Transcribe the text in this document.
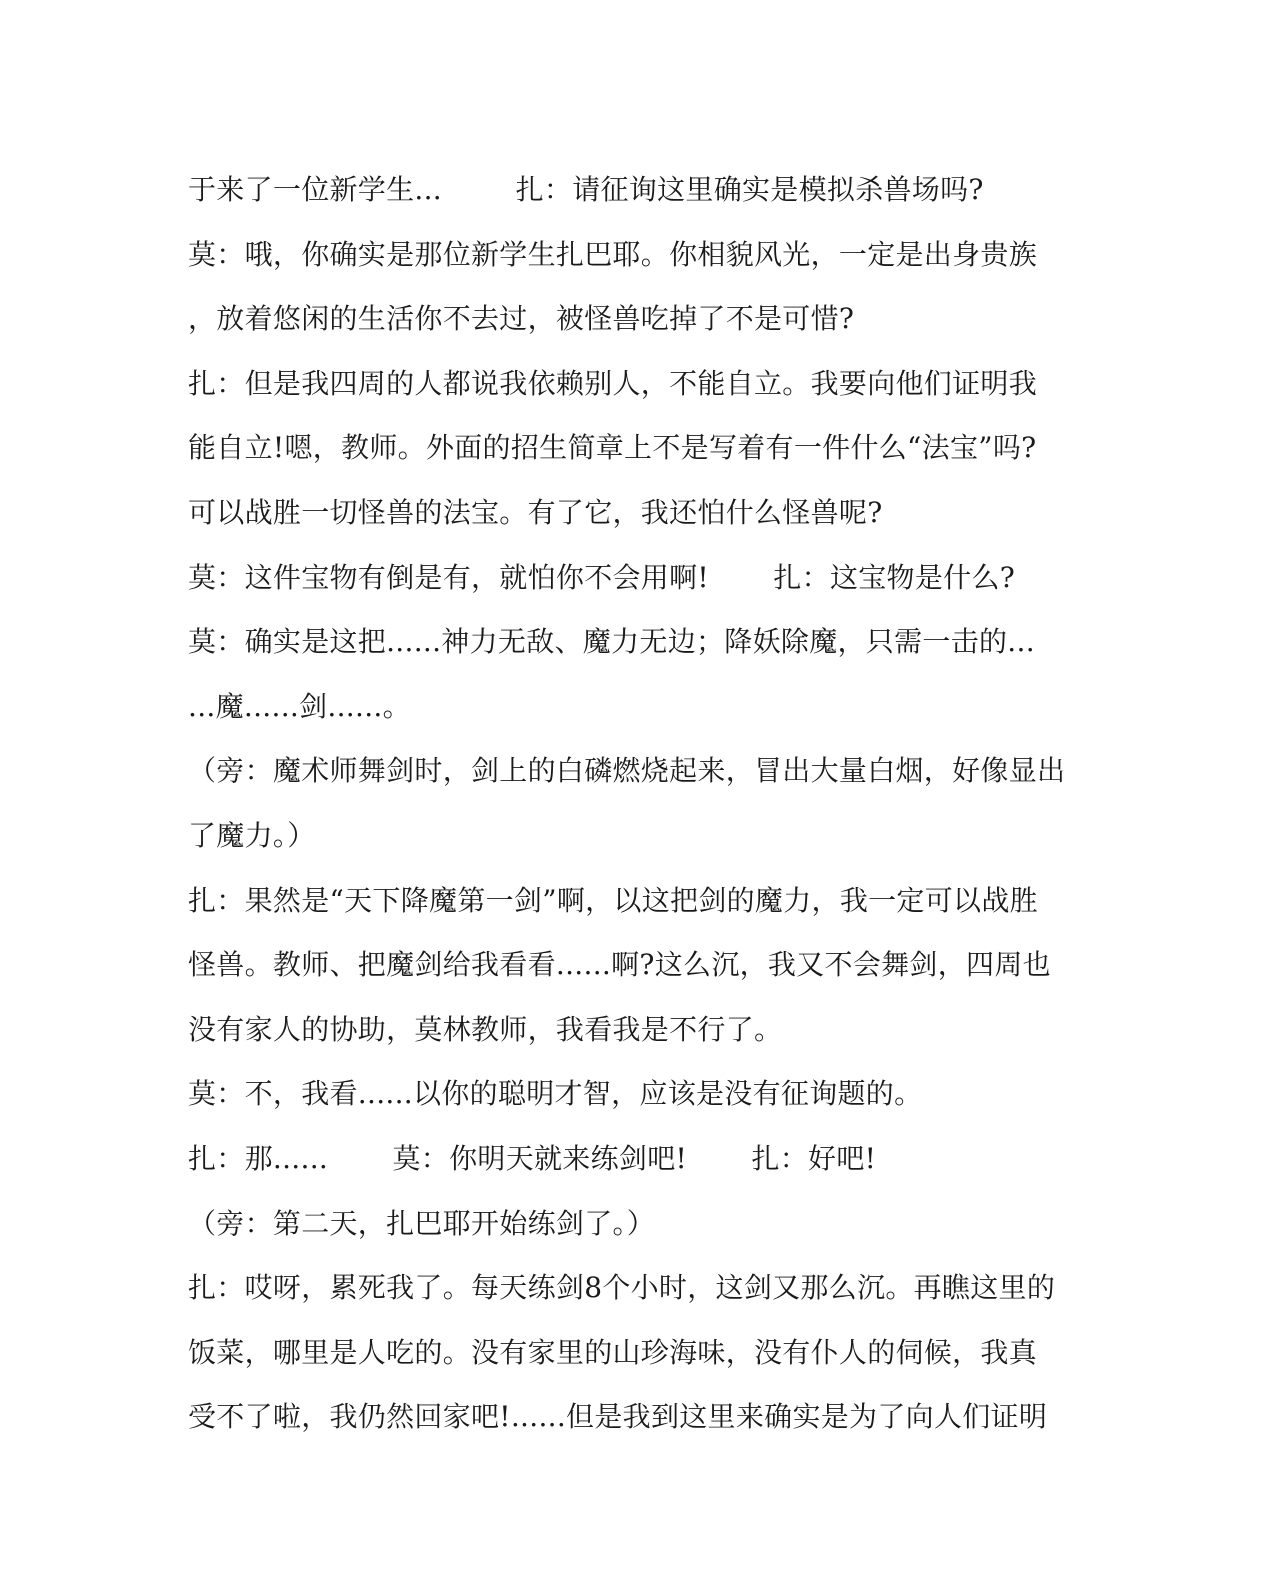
于来了一位新学生...        扎：请征询这里确实是模拟杀兽场吗?
莫：哦，你确实是那位新学生扎巴耶。你相貌风光，一定是出身贵族
，放着悠闲的生活你不去过，被怪兽吃掉了不是可惜?
扎：但是我四周的人都说我依赖别人，不能自立。我要向他们证明我
能自立!嗯，教师。外面的招生简章上不是写着有一件什么“法宝”吗?
可以战胜一切怪兽的法宝。有了它，我还怕什么怪兽呢?
莫：这件宝物有倒是有，就怕你不会用啊!       扎：这宝物是什么?
莫：确实是这把......神力无敌、魔力无边；降妖除魔，只需一击的...
...魔......剑......。
（旁：魔术师舞剑时，剑上的白磷燃烧起来，冒出大量白烟，好像显出
了魔力。）
扎：果然是“天下降魔第一剑”啊，以这把剑的魔力，我一定可以战胜
怪兽。教师、把魔剑给我看看......啊?这么沉，我又不会舞剑，四周也
没有家人的协助，莫林教师，我看我是不行了。
莫：不，我看......以你的聪明才智，应该是没有征询题的。
扎：那......       莫：你明天就来练剑吧!       扎：好吧!
（旁：第二天，扎巴耶开始练剑了。）
扎：哎呀，累死我了。每天练剑8个小时，这剑又那么沉。再瞧这里的
饭菜，哪里是人吃的。没有家里的山珍海味，没有仆人的伺候，我真
受不了啦，我仍然回家吧!......但是我到这里来确实是为了向人们证明
